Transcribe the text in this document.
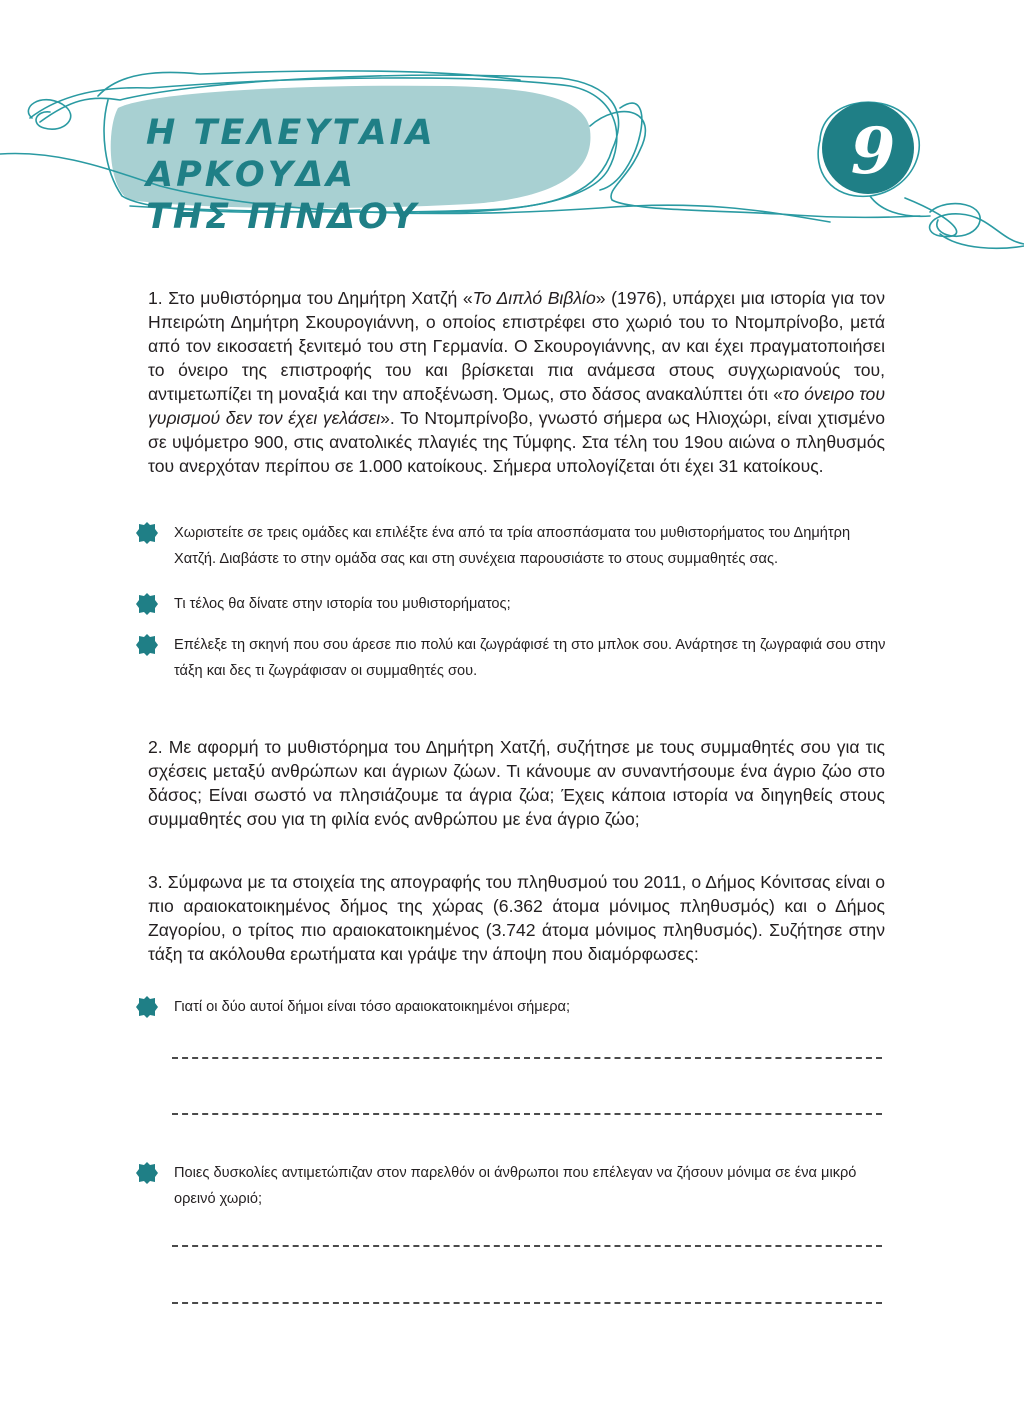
Η ΤΕΛΕΥΤΑΙΑ ΑΡΚΟΥΔΑ
ΤΗΣ ΠΙΝΔΟΥ
9

1. Στο μυθιστόρημα του Δημήτρη Χατζή «Το Διπλό Βιβλίο» (1976), υπάρχει μια ιστορία για τον Ηπειρώτη Δημήτρη Σκουρογιάννη, ο οποίος επιστρέφει στο χωριό του το Ντομπρίνοβο, μετά από τον εικοσαετή ξενιτεμό του στη Γερμανία. Ο Σκουρογιάννης, αν και έχει πραγματοποιήσει το όνειρο της επιστροφής του και βρίσκεται πια ανάμεσα στους συγχωριανούς του, αντιμετωπίζει τη μοναξιά και την αποξένωση. Όμως, στο δάσος ανακαλύπτει ότι «το όνειρο του γυρισμού δεν τον έχει γελάσει». Το Ντομπρίνοβο, γνωστό σήμερα ως Ηλιοχώρι, είναι χτισμένο σε υψόμετρο 900, στις ανατολικές πλαγιές της Τύμφης. Στα τέλη του 19ου αιώνα ο πληθυσμός του ανερχόταν περίπου σε 1.000 κατοίκους. Σήμερα υπολογίζεται ότι έχει 31 κατοίκους.

Χωριστείτε σε τρεις ομάδες και επιλέξτε ένα από τα τρία αποσπάσματα του μυθιστορήματος του Δημήτρη Χατζή. Διαβάστε το στην ομάδα σας και στη συνέχεια παρουσιάστε το στους συμμαθητές σας.
Τι τέλος θα δίνατε στην ιστορία του μυθιστορήματος;
Επέλεξε τη σκηνή που σου άρεσε πιο πολύ και ζωγράφισέ τη στο μπλοκ σου. Ανάρτησε τη ζωγραφιά σου στην τάξη και δες τι ζωγράφισαν οι συμμαθητές σου.

2. Με αφορμή το μυθιστόρημα του Δημήτρη Χατζή, συζήτησε με τους συμμαθητές σου για τις σχέσεις μεταξύ ανθρώπων και άγριων ζώων. Τι κάνουμε αν συναντήσουμε ένα άγριο ζώο στο δάσος; Είναι σωστό να πλησιάζουμε τα άγρια ζώα; Έχεις κάποια ιστορία να διηγηθείς στους συμμαθητές σου για τη φιλία ενός ανθρώπου με ένα άγριο ζώο;

3. Σύμφωνα με τα στοιχεία της απογραφής του πληθυσμού του 2011, ο Δήμος Κόνιτσας είναι ο πιο αραιοκατοικημένος δήμος της χώρας (6.362 άτομα μόνιμος πληθυσμός) και ο Δήμος Ζαγορίου, ο τρίτος πιο αραιοκατοικημένος (3.742 άτομα μόνιμος πληθυσμός). Συζήτησε στην τάξη τα ακόλουθα ερωτήματα και γράψε την άποψη που διαμόρφωσες:

Γιατί οι δύο αυτοί δήμοι είναι τόσο αραιοκατοικημένοι σήμερα;
Ποιες δυσκολίες αντιμετώπιζαν στον παρελθόν οι άνθρωποι που επέλεγαν να ζήσουν μόνιμα σε ένα μικρό ορεινό χωριό;
